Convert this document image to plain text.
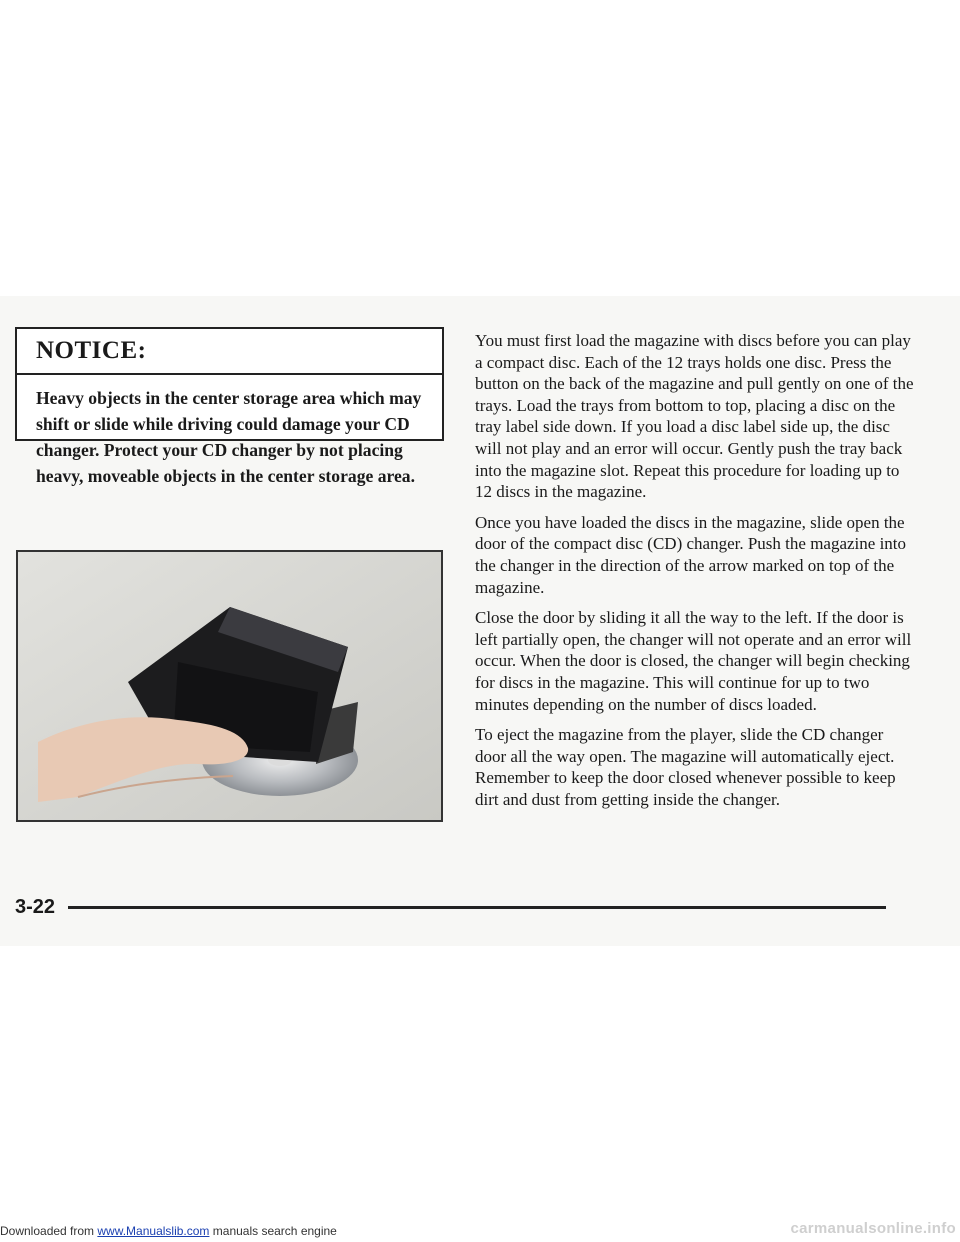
NOTICE:
Heavy objects in the center storage area which may shift or slide while driving could damage your CD changer. Protect your CD changer by not placing heavy, moveable objects in the center storage area.

You must first load the magazine with discs before you can play a compact disc. Each of the 12 trays holds one disc. Press the button on the back of the magazine and pull gently on one of the trays. Load the trays from bottom to top, placing a disc on the tray label side down. If you load a disc label side up, the disc will not play and an error will occur. Gently push the tray back into the magazine slot. Repeat this procedure for loading up to 12 discs in the magazine.

Once you have loaded the discs in the magazine, slide open the door of the compact disc (CD) changer. Push the magazine into the changer in the direction of the arrow marked on top of the magazine.

Close the door by sliding it all the way to the left. If the door is left partially open, the changer will not operate and an error will occur. When the door is closed, the changer will begin checking for discs in the magazine. This will continue for up to two minutes depending on the number of discs loaded.

To eject the magazine from the player, slide the CD changer door all the way open. The magazine will automatically eject. Remember to keep the door closed whenever possible to keep dirt and dust from getting inside the changer.

3-22
Downloaded from www.Manualslib.com manuals search engine	carmanualsonline.info
